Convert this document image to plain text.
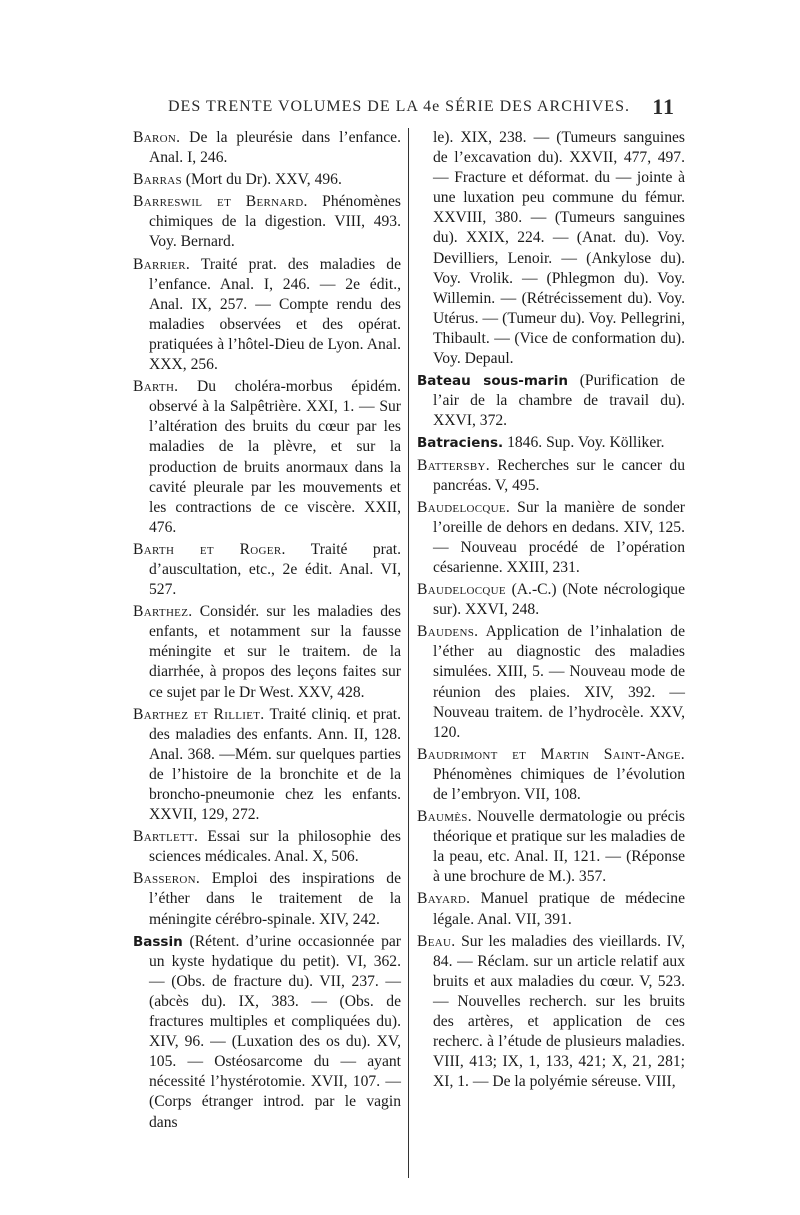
DES TRENTE VOLUMES DE LA 4e SÉRIE DES ARCHIVES. 11

Baron. De la pleurésie dans l’enfance. Anal. I, 246.

Barras (Mort du Dr). XXV, 496.

Barreswil et Bernard. Phénomènes chimiques de la digestion. VIII, 493. Voy. Bernard.

Barrier. Traité prat. des maladies de l’enfance. Anal. I, 246. — 2e édit., Anal. IX, 257. — Compte rendu des maladies observées et des opérat. pratiquées à l’hôtel-Dieu de Lyon. Anal. XXX, 256.

Barth. Du choléra-morbus épidém. observé à la Salpêtrière. XXI, 1. — Sur l’altération des bruits du cœur par les maladies de la plèvre, et sur la production de bruits anormaux dans la cavité pleurale par les mouvements et les contractions de ce viscère. XXII, 476.

Barth et Roger. Traité prat. d’auscultation, etc., 2e édit. Anal. VI, 527.

Barthez. Considér. sur les maladies des enfants, et notamment sur la fausse méningite et sur le traitem. de la diarrhée, à propos des leçons faites sur ce sujet par le Dr West. XXV, 428.

Barthez et Rilliet. Traité cliniq. et prat. des maladies des enfants. Ann. II, 128. Anal. 368. —Mém. sur quelques parties de l’histoire de la bronchite et de la broncho-pneumonie chez les enfants. XXVII, 129, 272.

Bartlett. Essai sur la philosophie des sciences médicales. Anal. X, 506.

Basseron. Emploi des inspirations de l’éther dans le traitement de la méningite cérébro-spinale. XIV, 242.

Bassin (Rétent. d’urine occasionnée par un kyste hydatique du petit). VI, 362. — (Obs. de fracture du). VII, 237. — (abcès du). IX, 383. — (Obs. de fractures multiples et compliquées du). XIV, 96. — (Luxation des os du). XV, 105. — Ostéosarcome du — ayant nécessité l’hystérotomie. XVII, 107. — (Corps étranger introd. par le vagin dans

le). XIX, 238. — (Tumeurs sanguines de l’excavation du). XXVII, 477, 497. — Fracture et déformat. du — jointe à une luxation peu commune du fémur. XXVIII, 380. — (Tumeurs sanguines du). XXIX, 224. — (Anat. du). Voy. Devilliers, Lenoir. — (Ankylose du). Voy. Vrolik. — (Phlegmon du). Voy. Willemin. — (Rétrécissement du). Voy. Utérus. — (Tumeur du). Voy. Pellegrini, Thibault. — (Vice de conformation du). Voy. Depaul.

Bateau sous-marin (Purification de l’air de la chambre de travail du). XXVI, 372.

Batraciens. 1846. Sup. Voy. Kölliker.

Battersby. Recherches sur le cancer du pancréas. V, 495.

Baudelocque. Sur la manière de sonder l’oreille de dehors en dedans. XIV, 125. — Nouveau procédé de l’opération césarienne. XXIII, 231.

Baudelocque (A.-C.) (Note nécrologique sur). XXVI, 248.

Baudens. Application de l’inhalation de l’éther au diagnostic des maladies simulées. XIII, 5. — Nouveau mode de réunion des plaies. XIV, 392. — Nouveau traitem. de l’hydrocèle. XXV, 120.

Baudrimont et Martin Saint-Ange. Phénomènes chimiques de l’évolution de l’embryon. VII, 108.

Baumès. Nouvelle dermatologie ou précis théorique et pratique sur les maladies de la peau, etc. Anal. II, 121. — (Réponse à une brochure de M.). 357.

Bayard. Manuel pratique de médecine légale. Anal. VII, 391.

Beau. Sur les maladies des vieillards. IV, 84. — Réclam. sur un article relatif aux bruits et aux maladies du cœur. V, 523. — Nouvelles recherch. sur les bruits des artères, et application de ces recherc. à l’étude de plusieurs maladies. VIII, 413; IX, 1, 133, 421; X, 21, 281; XI, 1. — De la polyémie séreuse. VIII,
